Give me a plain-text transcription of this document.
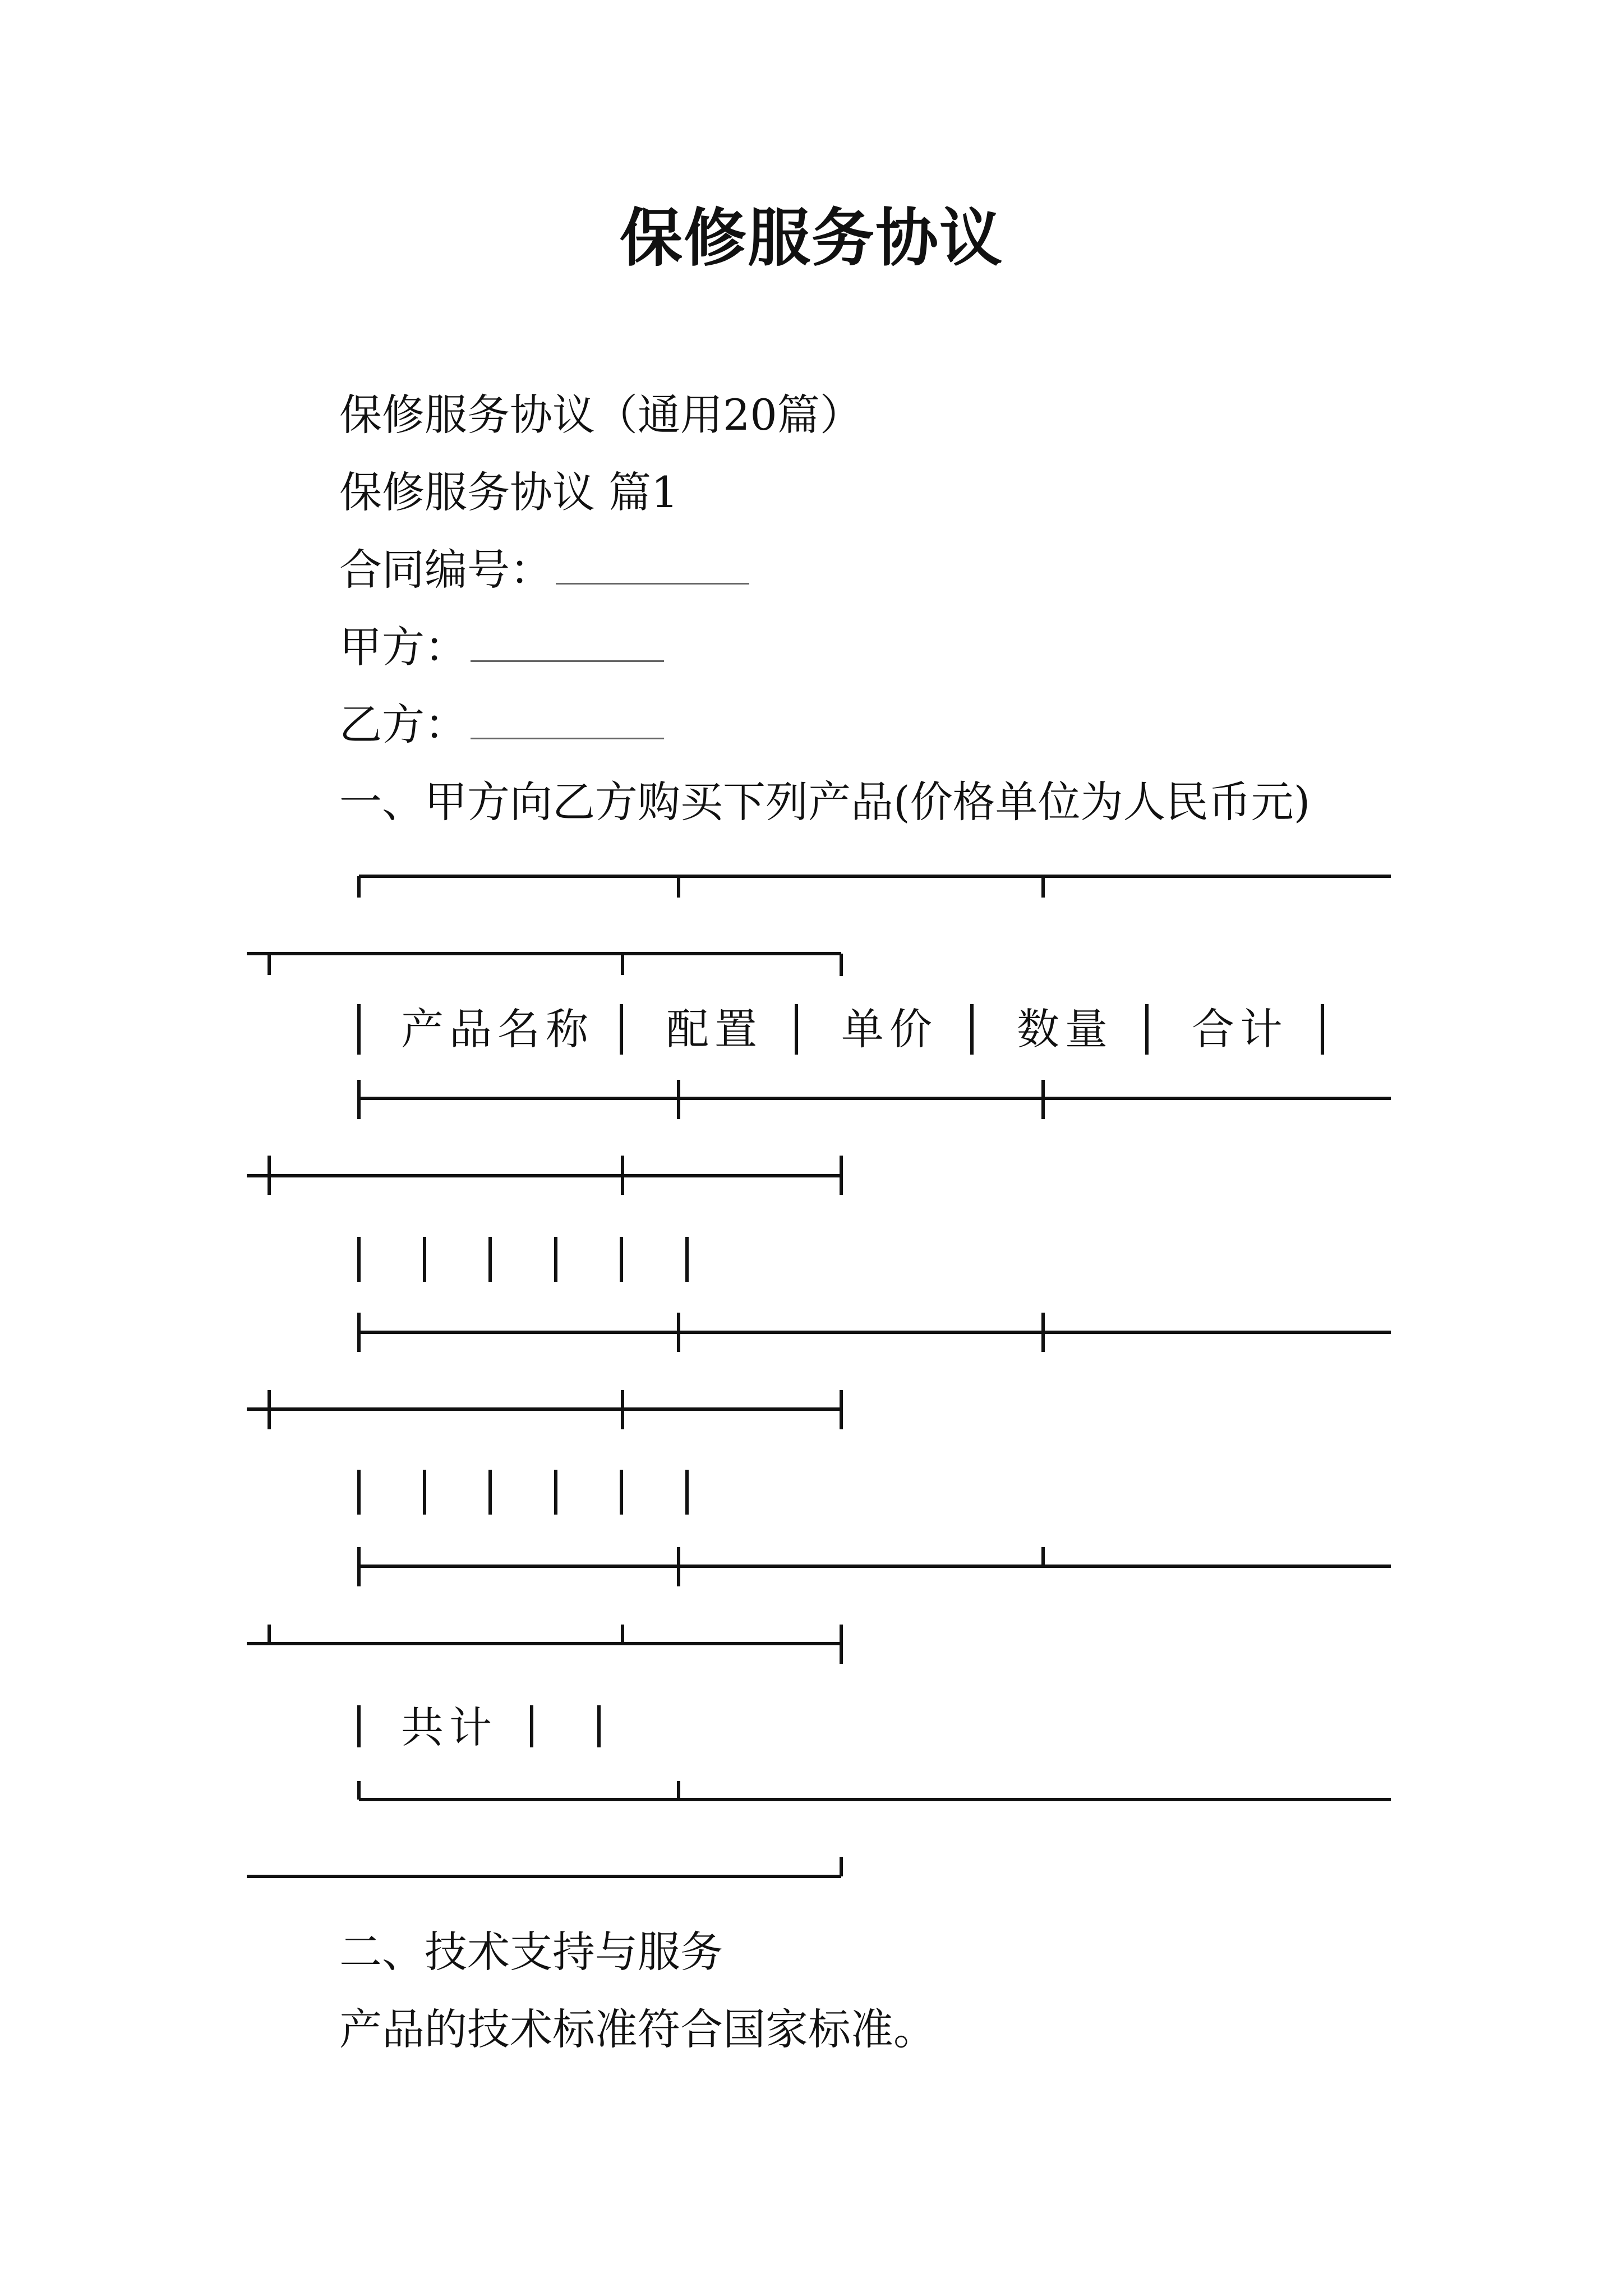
保修服务协议
保修服务协议（通用20篇）
保修服务协议 篇1
合同编号：
甲方：
乙方：
一、甲方向乙方购买下列产品(价格单位为人民币元)
产品名称 配置 单价 数量 合计
共计
二、技术支持与服务
产品的技术标准符合国家标准。
